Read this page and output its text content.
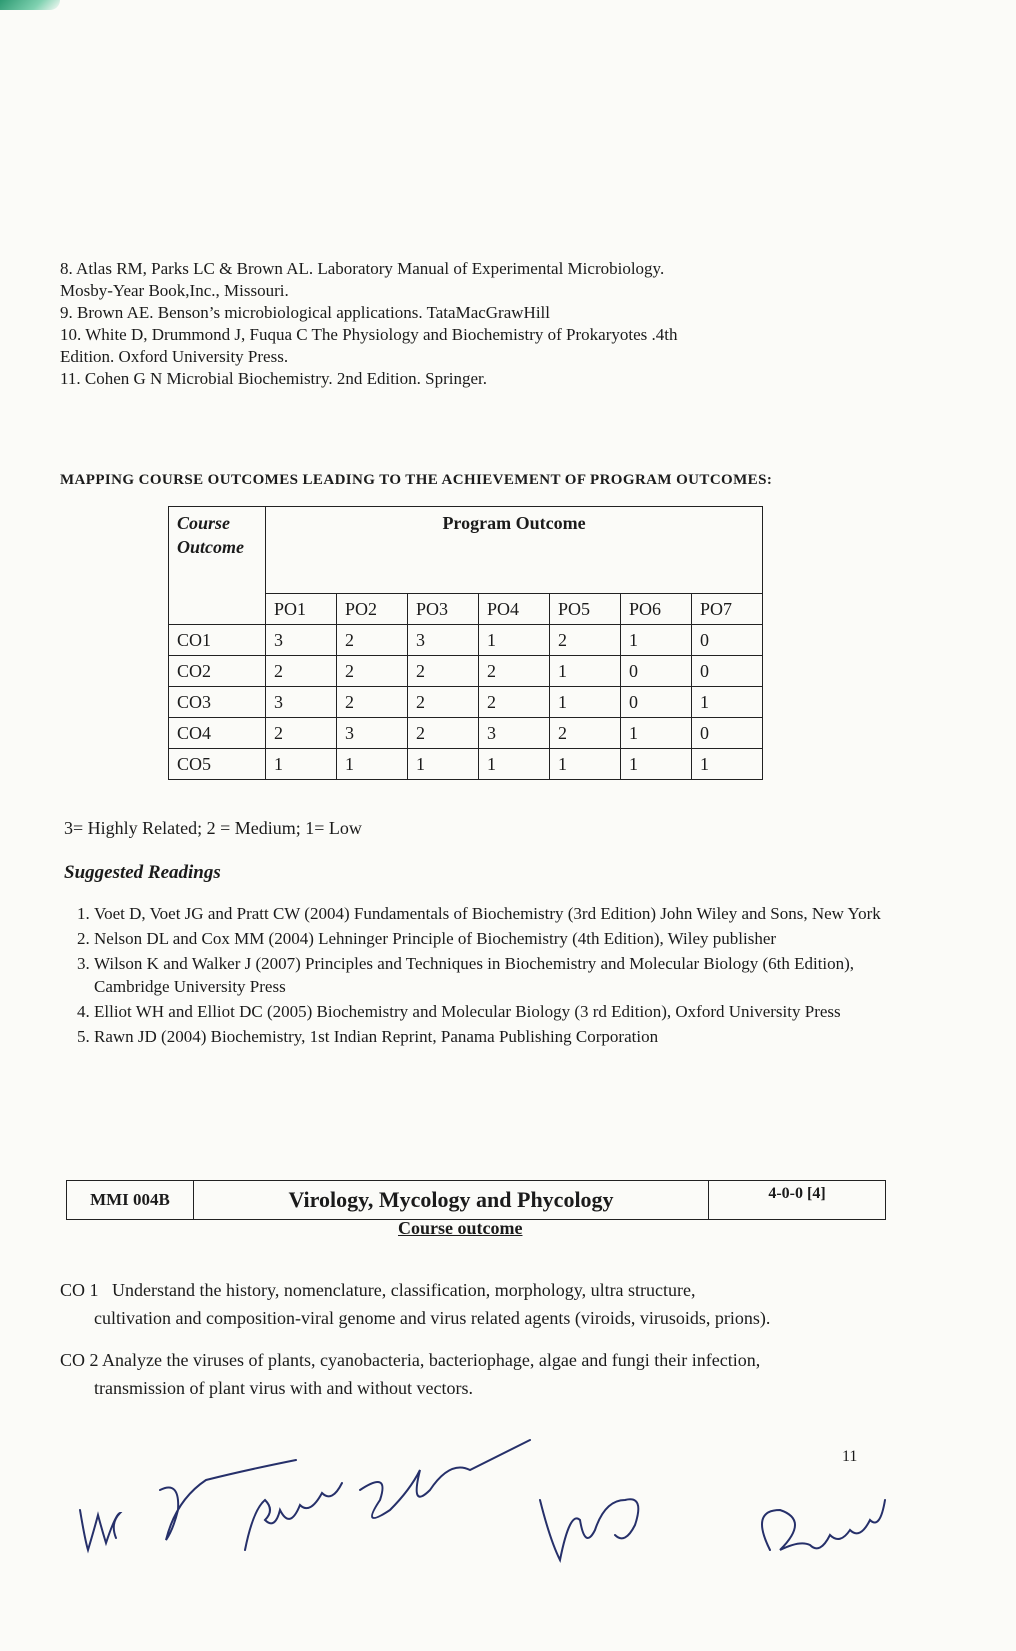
8. Atlas RM, Parks LC & Brown AL. Laboratory Manual of Experimental Microbiology.
Mosby-Year Book,Inc., Missouri.
9. Brown AE. Benson’s microbiological applications. TataMacGrawHill
10. White D, Drummond J, Fuqua C The Physiology and Biochemistry of Prokaryotes .4th
Edition. Oxford University Press.
11. Cohen G N Microbial Biochemistry. 2nd Edition. Springer.
MAPPING COURSE OUTCOMES LEADING TO THE ACHIEVEMENT OF PROGRAM OUTCOMES:
Course
Outcome	Program Outcome						
	PO1	PO2	PO3	PO4	PO5	PO6	PO7
CO1	3	2	3	1	2	1	0
CO2	2	2	2	2	1	0	0
CO3	3	2	2	2	1	0	1
CO4	2	3	2	3	2	1	0
CO5	1	1	1	1	1	1	1
3= Highly Related; 2 = Medium; 1= Low
Suggested Readings
1. Voet D, Voet JG and Pratt CW (2004) Fundamentals of Biochemistry (3rd Edition) John Wiley and Sons, New York
2. Nelson DL and Cox MM (2004) Lehninger Principle of Biochemistry (4th Edition), Wiley publisher
3. Wilson K and Walker J (2007) Principles and Techniques in Biochemistry and Molecular Biology (6th Edition), Cambridge University Press
4. Elliot WH and Elliot DC (2005) Biochemistry and Molecular Biology (3 rd Edition), Oxford University Press
5. Rawn JD (2004) Biochemistry, 1st Indian Reprint, Panama Publishing Corporation
MMI 004B	Virology, Mycology and Phycology	4-0-0 [4]
Course outcome
CO 1 Understand the history, nomenclature, classification, morphology, ultra structure,
cultivation and composition-viral genome and virus related agents (viroids, virusoids, prions).
CO 2 Analyze the viruses of plants, cyanobacteria, bacteriophage, algae and fungi their infection,
transmission of plant virus with and without vectors.
11
